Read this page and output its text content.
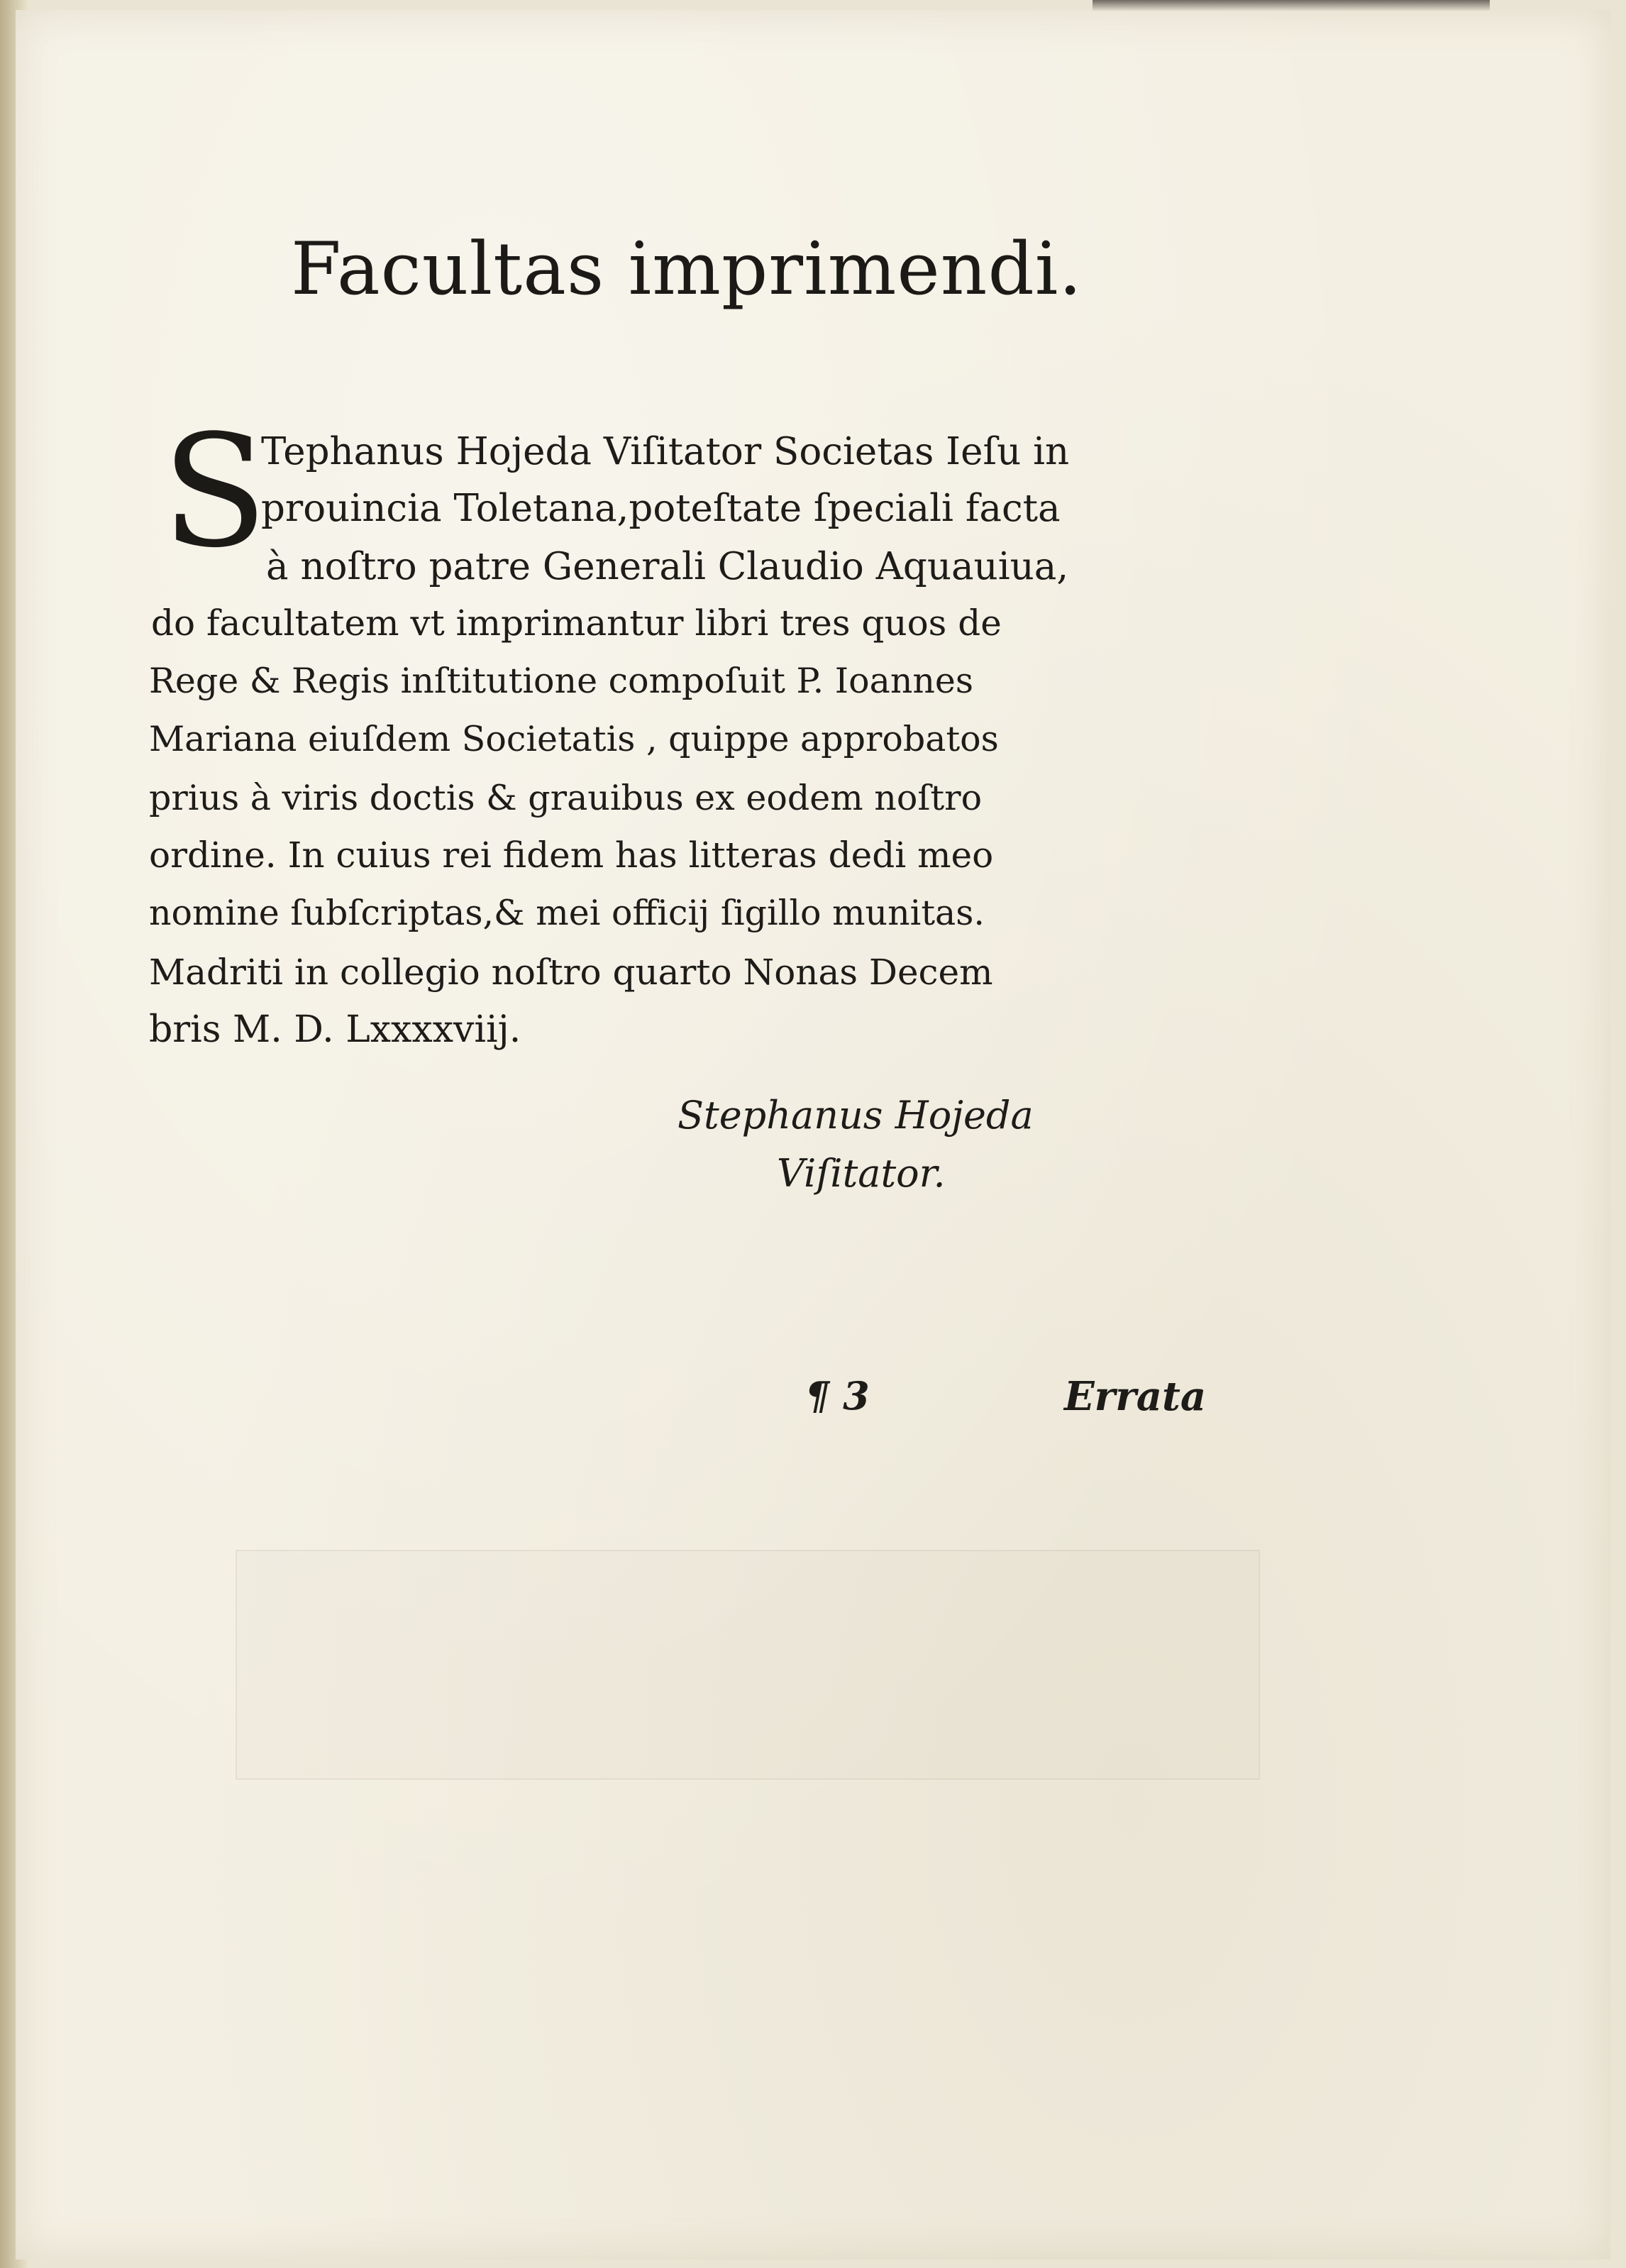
Facultas imprimendi.
S
Tephanus Hojeda Viſitator Societas Ieſu in
prouincia Toletana,poteſtate ſpeciali facta
à noſtro patre Generali Claudio Aquauiua,
do facultatem vt imprimantur libri tres quos de
Rege & Regis inſtitutione compoſuit P. Ioannes
Mariana eiuſdem Societatis , quippe approbatos
prius à viris doctis & grauibus ex eodem noſtro
ordine. In cuius rei fidem has litteras dedi meo
nomine ſubſcriptas,& mei officij ſigillo munitas.
Madriti in collegio noſtro quarto Nonas Decem
bris M. D. Lxxxxviij.
Stephanus Hojeda
Viſitator.
¶ 3	Errata
